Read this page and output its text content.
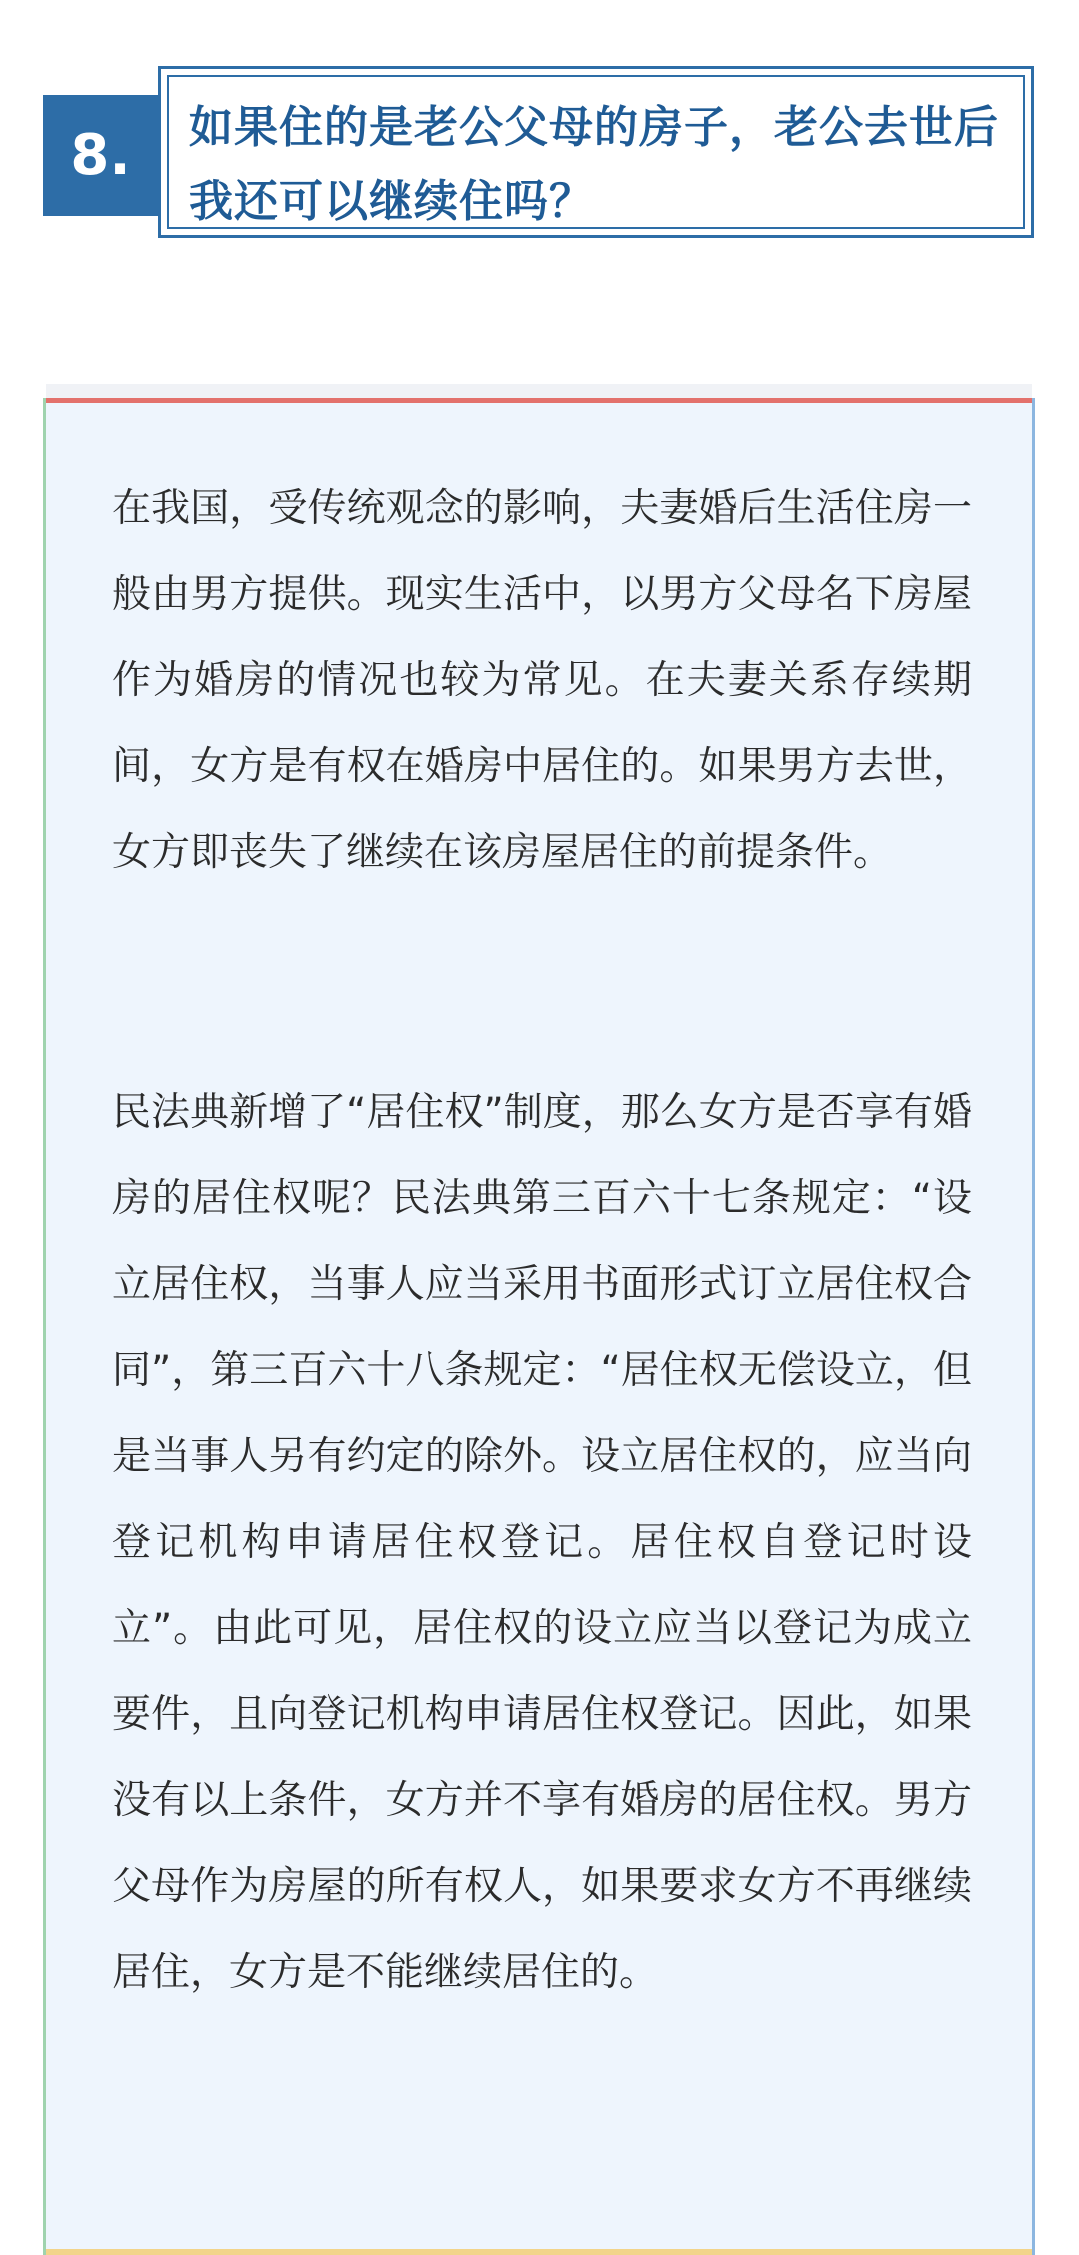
8.	如果住的是老公父母的房子，老公去世后我还可以继续住吗？

在我国，受传统观念的影响，夫妻婚后生活住房一般由男方提供。现实生活中，以男方父母名下房屋作为婚房的情况也较为常见。在夫妻关系存续期间，女方是有权在婚房中居住的。如果男方去世，女方即丧失了继续在该房屋居住的前提条件。

民法典新增了“居住权”制度，那么女方是否享有婚房的居住权呢？民法典第三百六十七条规定：“设立居住权，当事人应当采用书面形式订立居住权合同”，第三百六十八条规定：“居住权无偿设立，但是当事人另有约定的除外。设立居住权的，应当向登记机构申请居住权登记。居住权自登记时设立”。由此可见，居住权的设立应当以登记为成立要件，且向登记机构申请居住权登记。因此，如果没有以上条件，女方并不享有婚房的居住权。男方父母作为房屋的所有权人，如果要求女方不再继续居住，女方是不能继续居住的。
